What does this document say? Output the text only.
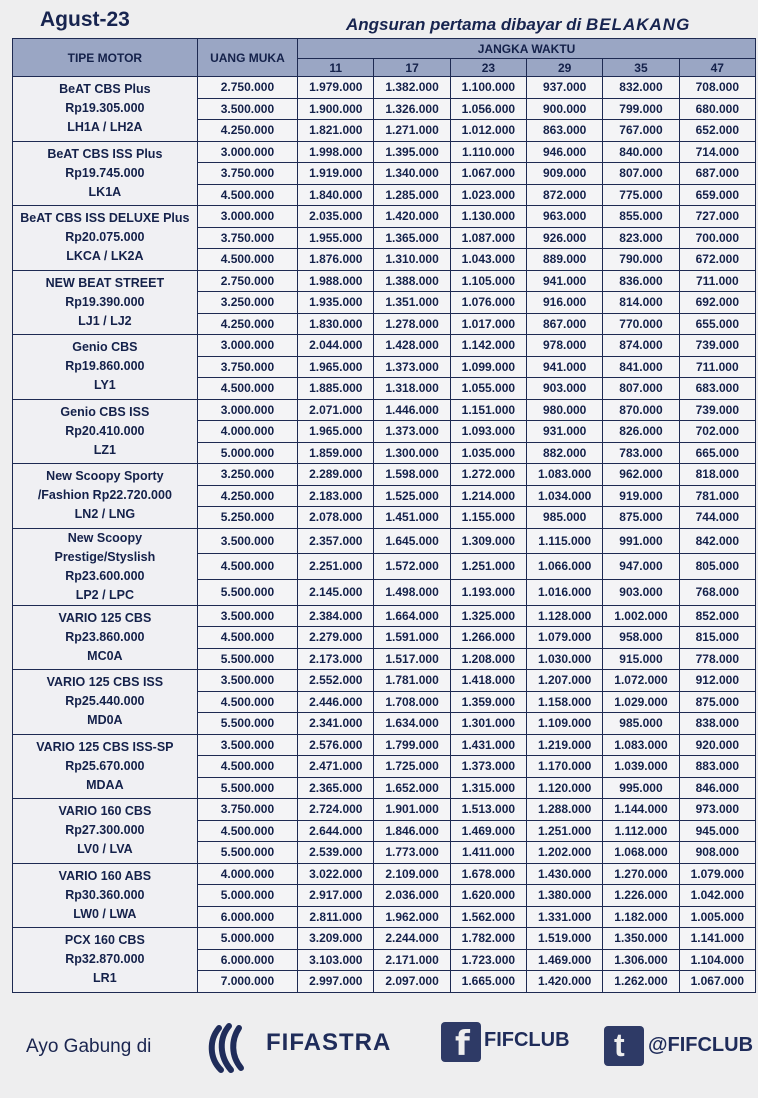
Agust-23	Angsuran pertama dibayar di BELAKANG
TIPE MOTOR	UANG MUKA	JANGKA WAKTU					
		11	17	23	29	35	47

BeAT CBS Plus
Rp19.305.000
LH1A / LH2A	2.750.000	1.979.000	1.382.000	1.100.000	937.000	832.000	708.000
	3.500.000	1.900.000	1.326.000	1.056.000	900.000	799.000	680.000
	4.250.000	1.821.000	1.271.000	1.012.000	863.000	767.000	652.000

BeAT CBS ISS Plus
Rp19.745.000
LK1A	3.000.000	1.998.000	1.395.000	1.110.000	946.000	840.000	714.000
	3.750.000	1.919.000	1.340.000	1.067.000	909.000	807.000	687.000
	4.500.000	1.840.000	1.285.000	1.023.000	872.000	775.000	659.000

BeAT CBS ISS DELUXE Plus
Rp20.075.000
LKCA / LK2A	3.000.000	2.035.000	1.420.000	1.130.000	963.000	855.000	727.000
	3.750.000	1.955.000	1.365.000	1.087.000	926.000	823.000	700.000
	4.500.000	1.876.000	1.310.000	1.043.000	889.000	790.000	672.000

NEW BEAT STREET
Rp19.390.000
LJ1 / LJ2	2.750.000	1.988.000	1.388.000	1.105.000	941.000	836.000	711.000
	3.250.000	1.935.000	1.351.000	1.076.000	916.000	814.000	692.000
	4.250.000	1.830.000	1.278.000	1.017.000	867.000	770.000	655.000

Genio CBS
Rp19.860.000
LY1	3.000.000	2.044.000	1.428.000	1.142.000	978.000	874.000	739.000
	3.750.000	1.965.000	1.373.000	1.099.000	941.000	841.000	711.000
	4.500.000	1.885.000	1.318.000	1.055.000	903.000	807.000	683.000

Genio CBS ISS
Rp20.410.000
LZ1	3.000.000	2.071.000	1.446.000	1.151.000	980.000	870.000	739.000
	4.000.000	1.965.000	1.373.000	1.093.000	931.000	826.000	702.000
	5.000.000	1.859.000	1.300.000	1.035.000	882.000	783.000	665.000

New Scoopy Sporty
/Fashion Rp22.720.000
LN2 / LNG	3.250.000	2.289.000	1.598.000	1.272.000	1.083.000	962.000	818.000
	4.250.000	2.183.000	1.525.000	1.214.000	1.034.000	919.000	781.000
	5.250.000	2.078.000	1.451.000	1.155.000	985.000	875.000	744.000

New Scoopy
Prestige/Styslish
Rp23.600.000
LP2 / LPC	3.500.000	2.357.000	1.645.000	1.309.000	1.115.000	991.000	842.000
	4.500.000	2.251.000	1.572.000	1.251.000	1.066.000	947.000	805.000
	5.500.000	2.145.000	1.498.000	1.193.000	1.016.000	903.000	768.000

VARIO 125 CBS
Rp23.860.000
MC0A	3.500.000	2.384.000	1.664.000	1.325.000	1.128.000	1.002.000	852.000
	4.500.000	2.279.000	1.591.000	1.266.000	1.079.000	958.000	815.000
	5.500.000	2.173.000	1.517.000	1.208.000	1.030.000	915.000	778.000

VARIO 125 CBS ISS
Rp25.440.000
MD0A	3.500.000	2.552.000	1.781.000	1.418.000	1.207.000	1.072.000	912.000
	4.500.000	2.446.000	1.708.000	1.359.000	1.158.000	1.029.000	875.000
	5.500.000	2.341.000	1.634.000	1.301.000	1.109.000	985.000	838.000

VARIO 125 CBS ISS-SP
Rp25.670.000
MDAA	3.500.000	2.576.000	1.799.000	1.431.000	1.219.000	1.083.000	920.000
	4.500.000	2.471.000	1.725.000	1.373.000	1.170.000	1.039.000	883.000
	5.500.000	2.365.000	1.652.000	1.315.000	1.120.000	995.000	846.000

VARIO 160 CBS
Rp27.300.000
LV0 / LVA	3.750.000	2.724.000	1.901.000	1.513.000	1.288.000	1.144.000	973.000
	4.500.000	2.644.000	1.846.000	1.469.000	1.251.000	1.112.000	945.000
	5.500.000	2.539.000	1.773.000	1.411.000	1.202.000	1.068.000	908.000

VARIO 160 ABS
Rp30.360.000
LW0 / LWA	4.000.000	3.022.000	2.109.000	1.678.000	1.430.000	1.270.000	1.079.000
	5.000.000	2.917.000	2.036.000	1.620.000	1.380.000	1.226.000	1.042.000
	6.000.000	2.811.000	1.962.000	1.562.000	1.331.000	1.182.000	1.005.000

PCX 160 CBS
Rp32.870.000
LR1	5.000.000	3.209.000	2.244.000	1.782.000	1.519.000	1.350.000	1.141.000
	6.000.000	3.103.000	2.171.000	1.723.000	1.469.000	1.306.000	1.104.000
	7.000.000	2.997.000	2.097.000	1.665.000	1.420.000	1.262.000	1.067.000
Ayo Gabung di	FIFASTRA f FIFCLUB t @FIFCLUB
